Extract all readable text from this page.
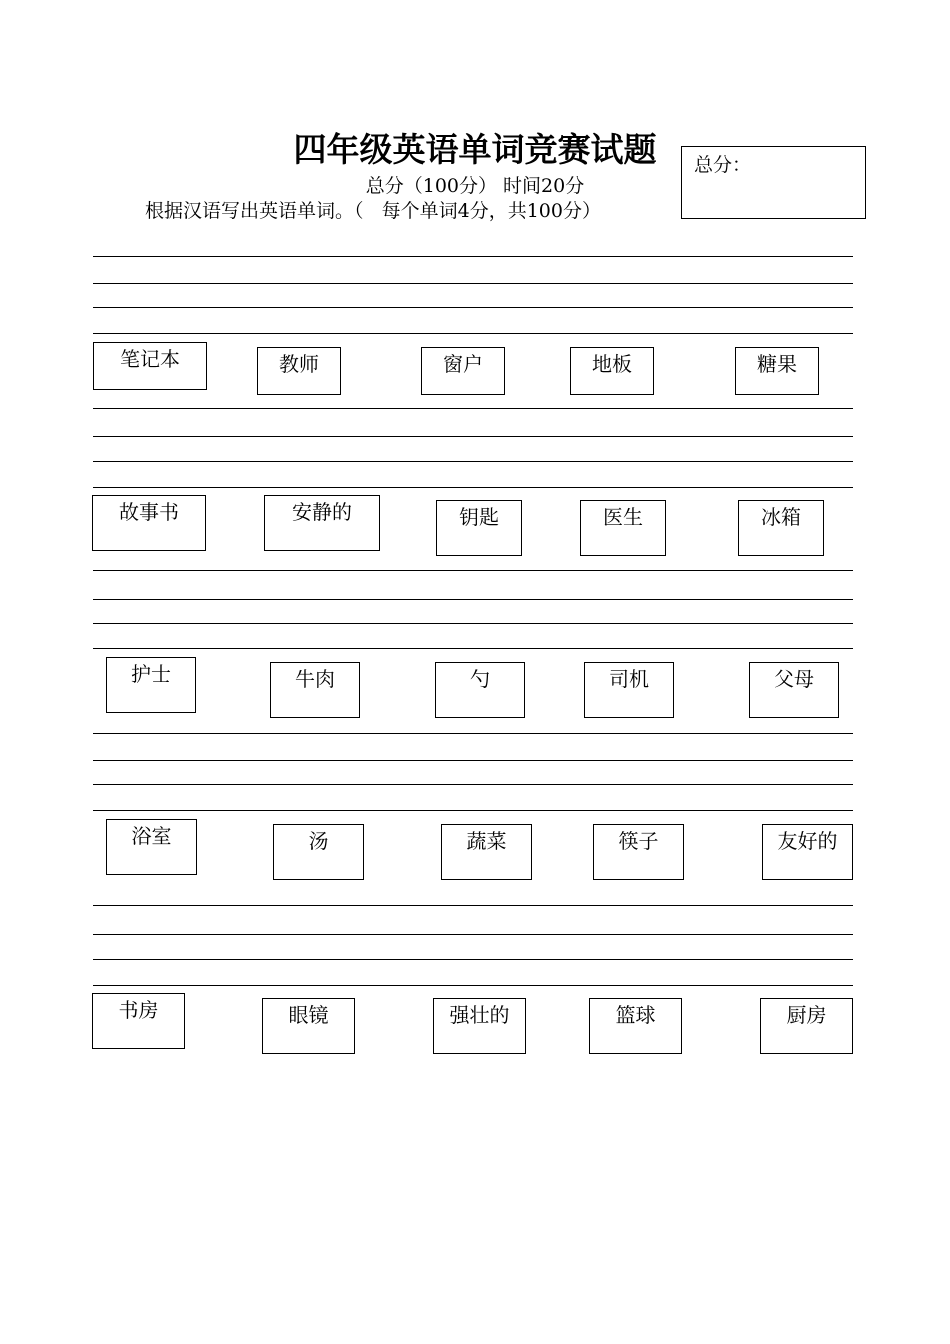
四年级英语单词竞赛试题
总分（100分） 时间20分
根据汉语写出英语单词。（   每个单词4分，共100分）
总分：
笔记本	教师	窗户	地板	糖果
故事书	安静的	钥匙	医生	冰箱
护士	牛肉	勺	司机	父母
浴室	汤	蔬菜	筷子	友好的
书房	眼镜	强壮的	篮球	厨房
